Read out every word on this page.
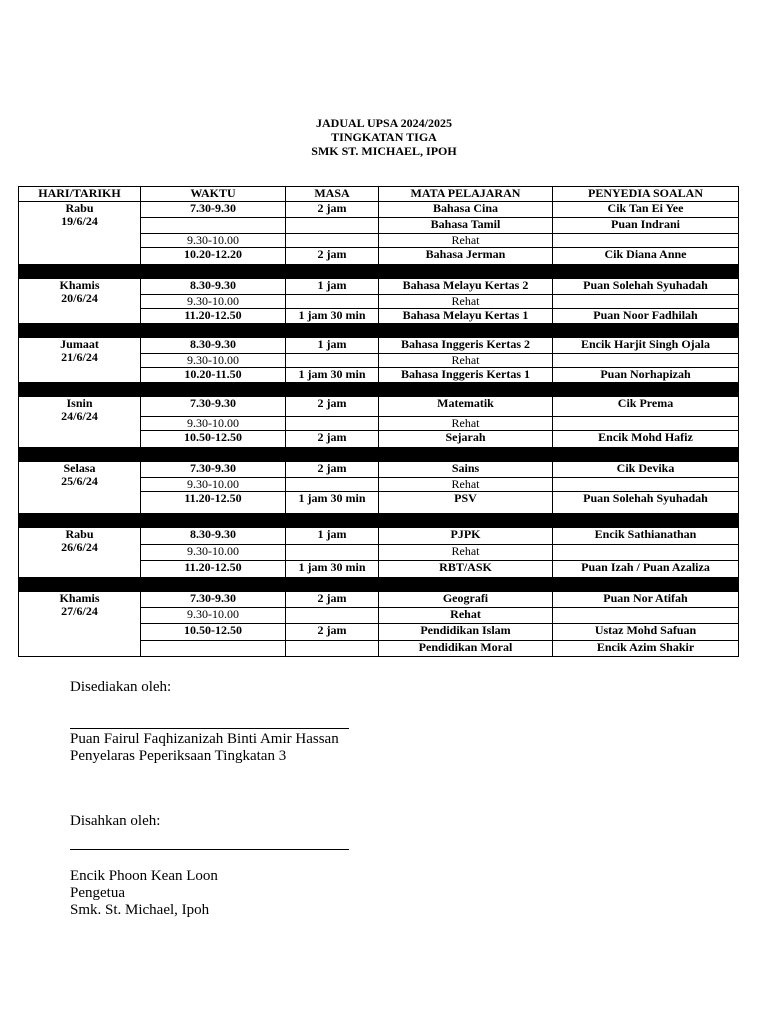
JADUAL UPSA 2024/2025
TINGKATAN TIGA
SMK ST. MICHAEL, IPOH
HARI/TARIKH	WAKTU	MASA	MATA PELAJARAN	PENYEDIA SOALAN

Rabu
19/6/24	7.30-9.30	2 jam	Bahasa Cina	Cik Tan Ei Yee
			Bahasa Tamil	Puan Indrani
	9.30-10.00		Rehat	
	10.20-12.20	2 jam	Bahasa Jerman	Cik Diana Anne

Khamis
20/6/24	8.30-9.30	1 jam	Bahasa Melayu Kertas 2	Puan Solehah Syuhadah
	9.30-10.00		Rehat	
	11.20-12.50	1 jam 30 min	Bahasa Melayu Kertas 1	Puan Noor Fadhilah

Jumaat
21/6/24	8.30-9.30	1 jam	Bahasa Inggeris Kertas 2	Encik Harjit Singh Ojala
	9.30-10.00		Rehat	
	10.20-11.50	1 jam 30 min	Bahasa Inggeris Kertas 1	Puan Norhapizah

Isnin
24/6/24	7.30-9.30	2 jam	Matematik	Cik Prema
	9.30-10.00		Rehat	
	10.50-12.50	2 jam	Sejarah	Encik Mohd Hafiz

Selasa
25/6/24	7.30-9.30	2 jam	Sains	Cik Devika
	9.30-10.00		Rehat	
	11.20-12.50	1 jam 30 min	PSV	Puan Solehah Syuhadah

Rabu
26/6/24	8.30-9.30	1 jam	PJPK	Encik Sathianathan
	9.30-10.00		Rehat	
	11.20-12.50	1 jam 30 min	RBT/ASK	Puan Izah / Puan Azaliza

Khamis
27/6/24	7.30-9.30	2 jam	Geografi	Puan Nor Atifah
	9.30-10.00		Rehat	
	10.50-12.50	2 jam	Pendidikan Islam	Ustaz Mohd Safuan
			Pendidikan Moral	Encik Azim Shakir
Disediakan oleh:
Puan Fairul Faqhizanizah Binti Amir Hassan
Penyelaras Peperiksaan Tingkatan 3
Disahkan oleh:
Encik Phoon Kean Loon
Pengetua
Smk. St. Michael, Ipoh
